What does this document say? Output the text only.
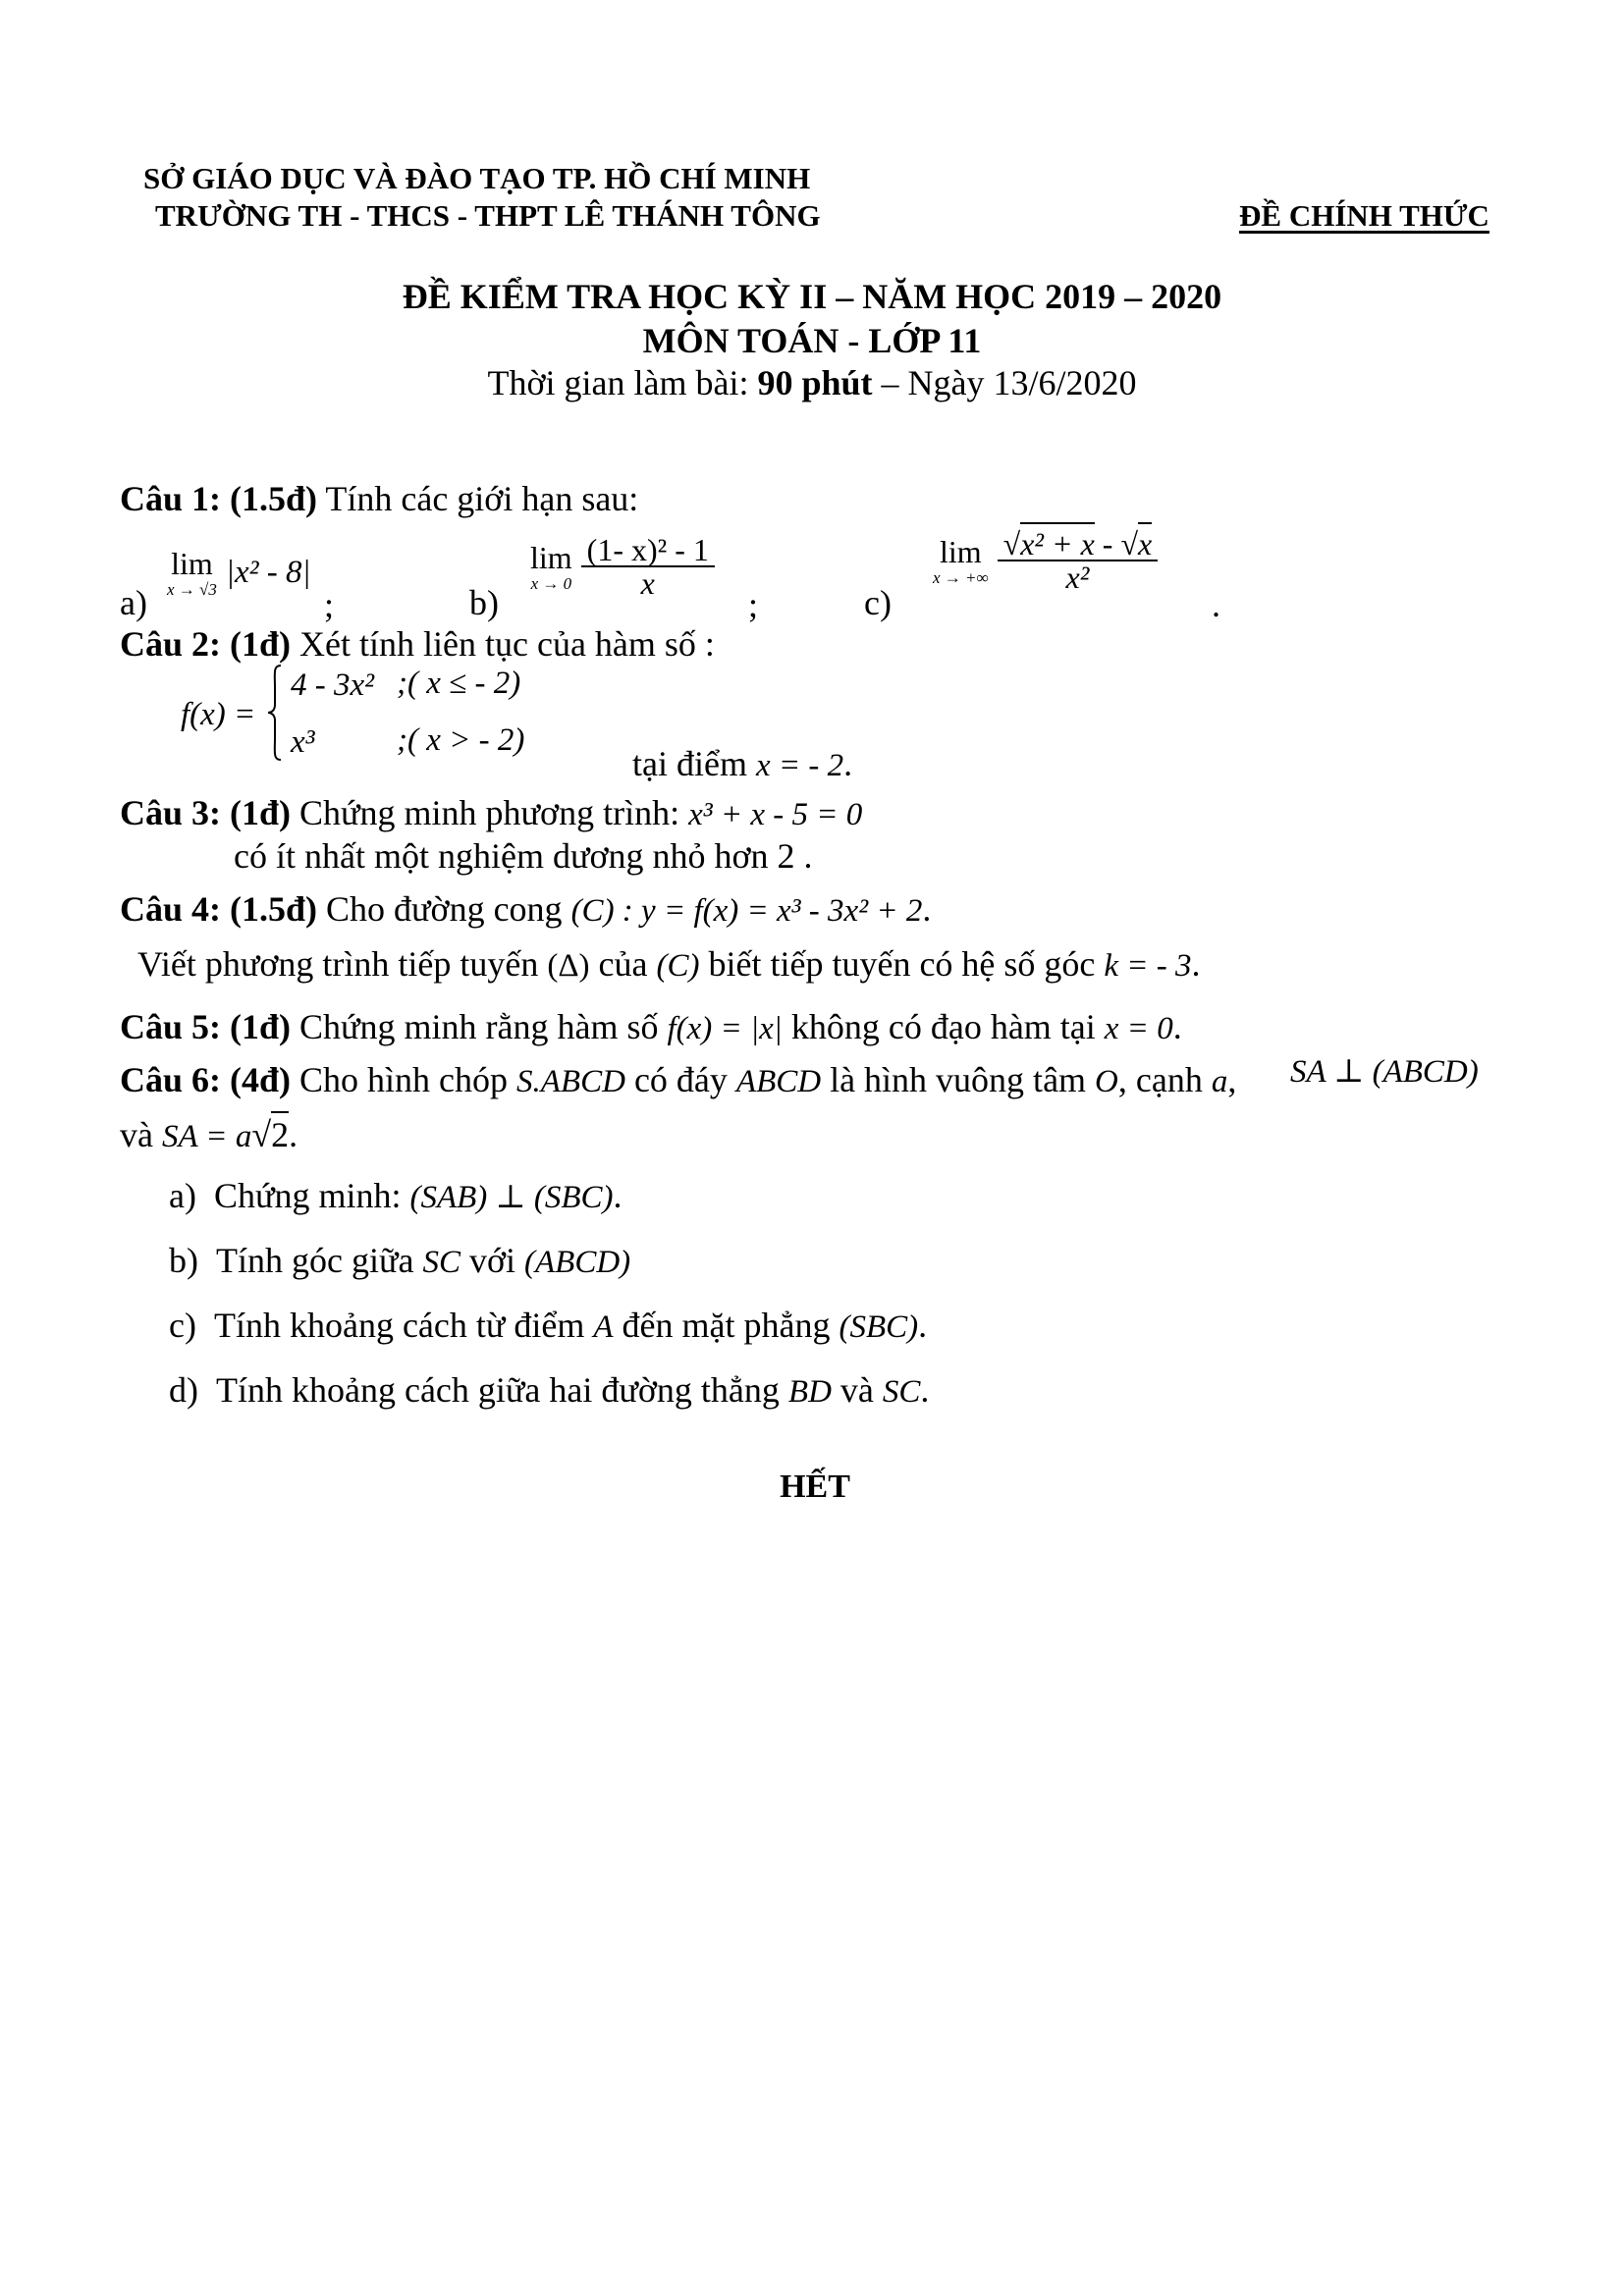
SỞ GIÁO DỤC VÀ ĐÀO TẠO TP. HỒ CHÍ MINH
TRƯỜNG TH - THCS - THPT LÊ THÁNH TÔNG	ĐỀ CHÍNH THỨC
ĐỀ KIỂM TRA HỌC KỲ II – NĂM HỌC 2019 – 2020
MÔN TOÁN - LỚP 11
Thời gian làm bài: 90 phút – Ngày 13/6/2020
Câu 1: (1.5đ) Tính các giới hạn sau:
a)
lim
x → √3 |x² - 8|
;	b)
lim
x → 0
$\frac{\text{(1- x)² - 1}}{x}$
;	c)
lim
x → +∞
$\frac{\text{√x² + x - √x}}{\text{x²}}$
.
Câu 2: (1đ) Xét tính liên tục của hàm số :
f(x) =
4 - 3x² ;( x ≤ - 2)
x³	;( x > - 2)
tại điểm x = - 2.
Câu 3: (1đ) Chứng minh phương trình: x³ + x - 5 = 0
có ít nhất một nghiệm dương nhỏ hơn 2 .
Câu 4: (1.5đ) Cho đường cong (C) : y = f(x) = x³ - 3x² + 2.
Viết phương trình tiếp tuyến (Δ) của (C) biết tiếp tuyến có hệ số góc k = - 3.
Câu 5: (1đ) Chứng minh rằng hàm số f(x) = |x| không có đạo hàm tại x = 0.
Câu 6: (4đ) Cho hình chóp S.ABCD có đáy ABCD là hình vuông tâm O, cạnh a, SA ⊥ (ABCD)
và SA = a√2.
a) Chứng minh: (SAB) ⊥ (SBC).
b) Tính góc giữa SC với (ABCD)
c) Tính khoảng cách từ điểm A đến mặt phẳng (SBC).
d) Tính khoảng cách giữa hai đường thẳng BD và SC.
HẾT
